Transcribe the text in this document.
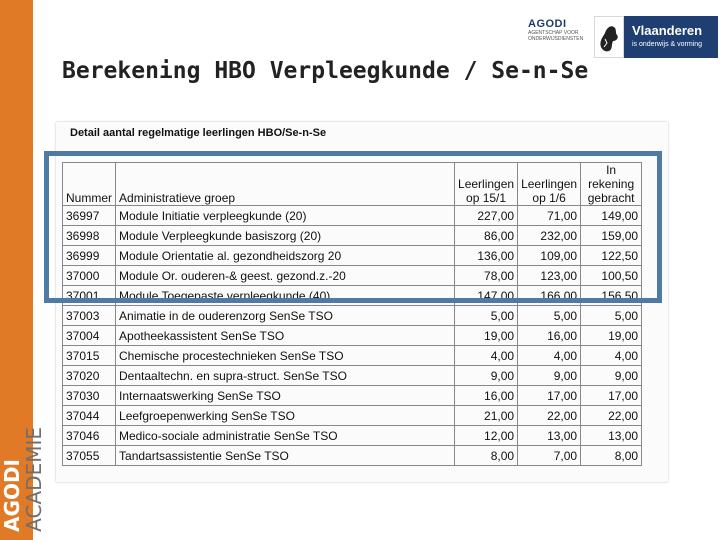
AGODI
ACADEMIE
AGODI
AGENTSCHAP VOOR ONDERWIJSDIENSTEN
Vlaanderen
is onderwijs & vorming
Berekening HBO Verpleegkunde / Se-n-Se
Detail aantal regelmatige leerlingen HBO/Se-n-Se
Nummer	Administratieve groep	Leerlingen op 15/1	Leerlingen op 1/6	In rekening gebracht
36997	Module Initiatie verpleegkunde (20)	227,00	71,00	149,00
36998	Module Verpleegkunde basiszorg (20)	86,00	232,00	159,00
36999	Module Orientatie al. gezondheidszorg 20	136,00	109,00	122,50
37000	Module Or. ouderen-& geest. gezond.z.-20	78,00	123,00	100,50
37001	Module Toegepaste verpleegkunde (40)	147,00	166,00	156,50
37003	Animatie in de ouderenzorg SenSe TSO	5,00	5,00	5,00
37004	Apotheekassistent SenSe TSO	19,00	16,00	19,00
37015	Chemische procestechnieken SenSe TSO	4,00	4,00	4,00
37020	Dentaaltechn. en supra-struct. SenSe TSO	9,00	9,00	9,00
37030	Internaatswerking SenSe TSO	16,00	17,00	17,00
37044	Leefgroepenwerking SenSe TSO	21,00	22,00	22,00
37046	Medico-sociale administratie SenSe TSO	12,00	13,00	13,00
37055	Tandartsassistentie SenSe TSO	8,00	7,00	8,00
